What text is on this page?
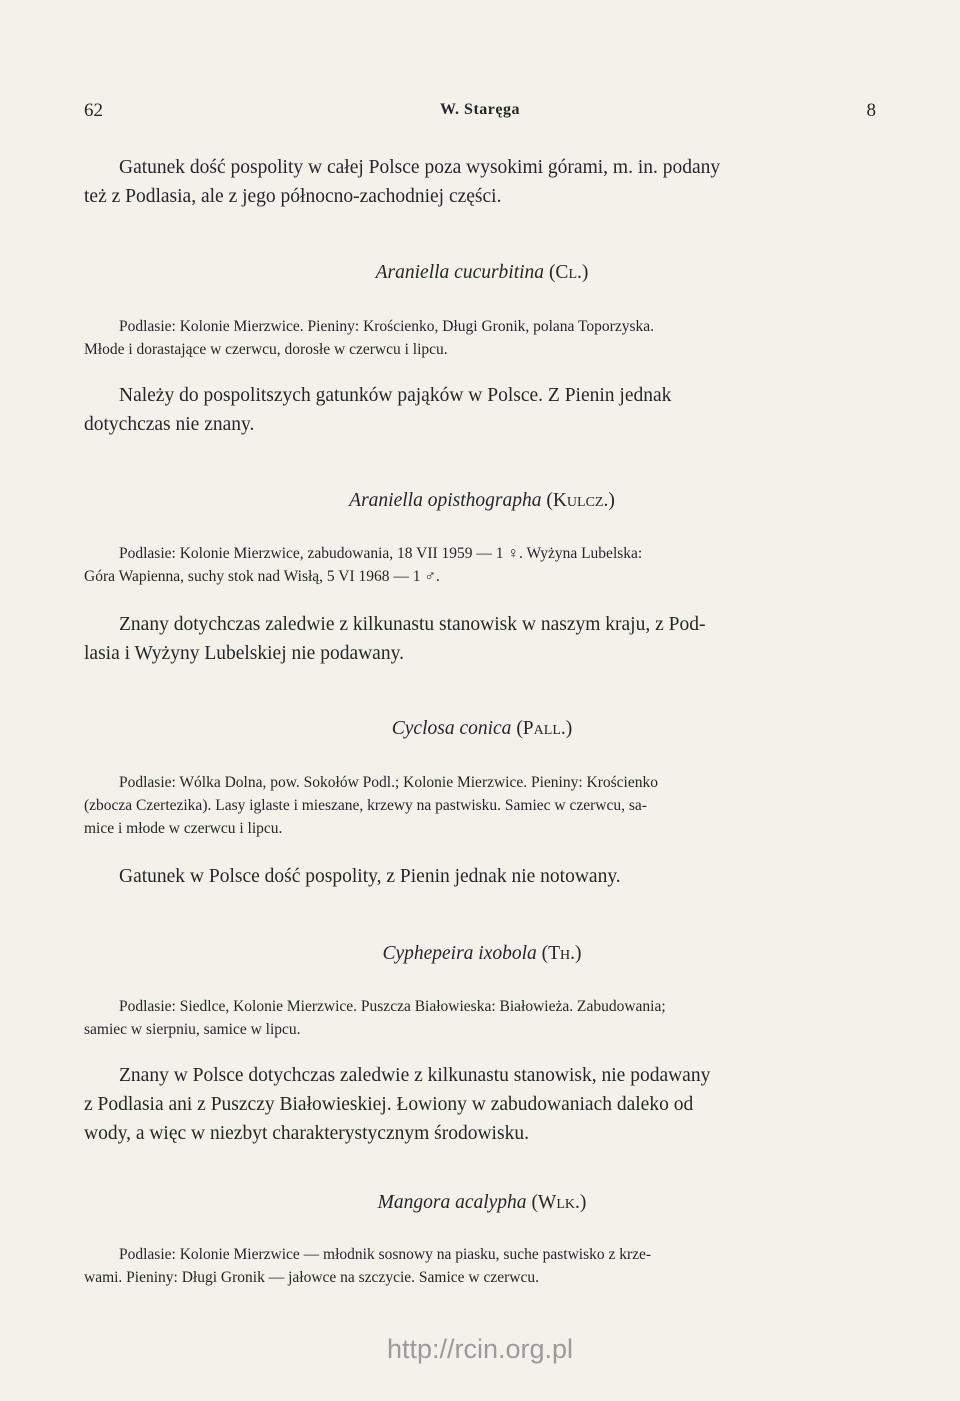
62	W. Staręga	8
Gatunek dość pospolity w całej Polsce poza wysokimi górami, m. in. podany
też z Podlasia, ale z jego północno-zachodniej części.
Araniella cucurbitina (Cl.)
Podlasie: Kolonie Mierzwice. Pieniny: Krościenko, Długi Gronik, polana Toporzyska.
Młode i dorastające w czerwcu, dorosłe w czerwcu i lipcu.
Należy do pospolitszych gatunków pająków w Polsce. Z Pienin jednak
dotychczas nie znany.
Araniella opisthographa (Kulcz.)
Podlasie: Kolonie Mierzwice, zabudowania, 18 VII 1959 — 1 ♀. Wyżyna Lubelska:
Góra Wapienna, suchy stok nad Wisłą, 5 VI 1968 — 1 ♂.
Znany dotychczas zaledwie z kilkunastu stanowisk w naszym kraju, z Pod-
lasia i Wyżyny Lubelskiej nie podawany.
Cyclosa conica (Pall.)
Podlasie: Wólka Dolna, pow. Sokołów Podl.; Kolonie Mierzwice. Pieniny: Krościenko
(zbocza Czertezika). Lasy iglaste i mieszane, krzewy na pastwisku. Samiec w czerwcu, sa-
mice i młode w czerwcu i lipcu.
Gatunek w Polsce dość pospolity, z Pienin jednak nie notowany.
Cyphepeira ixobola (Th.)
Podlasie: Siedlce, Kolonie Mierzwice. Puszcza Białowieska: Białowieża. Zabudowania;
samiec w sierpniu, samice w lipcu.
Znany w Polsce dotychczas zaledwie z kilkunastu stanowisk, nie podawany
z Podlasia ani z Puszczy Białowieskiej. Łowiony w zabudowaniach daleko od
wody, a więc w niezbyt charakterystycznym środowisku.
Mangora acalypha (Wlk.)
Podlasie: Kolonie Mierzwice — młodnik sosnowy na piasku, suche pastwisko z krze-
wami. Pieniny: Długi Gronik — jałowce na szczycie. Samice w czerwcu.
http://rcin.org.pl
